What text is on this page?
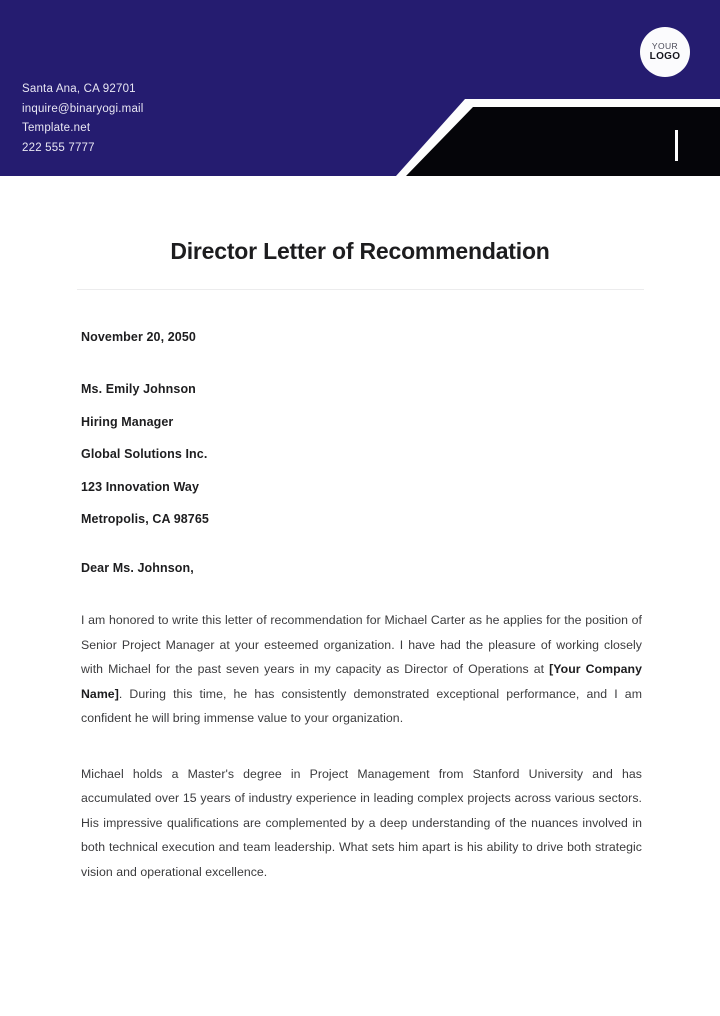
Santa Ana, CA 92701
inquire@binaryogi.mail
Template.net
222 555 7777
YOUR
LOGO
Director Letter of Recommendation
November 20, 2050
Ms. Emily Johnson
Hiring Manager
Global Solutions Inc.
123 Innovation Way
Metropolis, CA 98765
Dear Ms. Johnson,

I am honored to write this letter of recommendation for Michael Carter as he applies for the position of Senior Project Manager at your esteemed organization. I have had the pleasure of working closely with Michael for the past seven years in my capacity as Director of Operations at [Your Company Name]. During this time, he has consistently demonstrated exceptional performance, and I am confident he will bring immense value to your organization.

Michael holds a Master's degree in Project Management from Stanford University and has accumulated over 15 years of industry experience in leading complex projects across various sectors. His impressive qualifications are complemented by a deep understanding of the nuances involved in both technical execution and team leadership. What sets him apart is his ability to drive both strategic vision and operational excellence.
